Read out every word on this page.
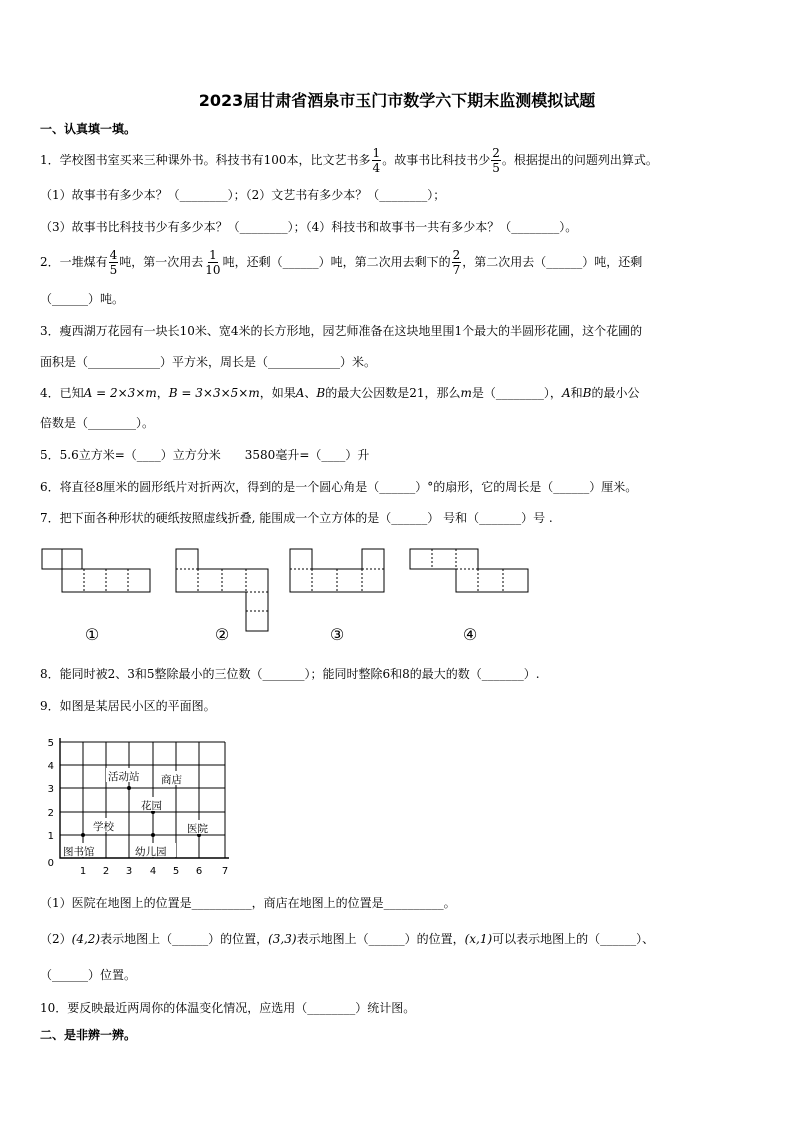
2023届甘肃省酒泉市玉门市数学六下期末监测模拟试题
一、认真填一填。
1．学校图书室买来三种课外书。科技书有100本，比文艺书多 $\frac{1}{4}$ 。故事书比科技书少 $\frac{2}{5}$ 。根据提出的问题列出算式。
（1）故事书有多少本？（________）；（2）文艺书有多少本？（________）；
（3）故事书比科技书少有多少本？（________）；（4）科技书和故事书一共有多少本？（________）。
2．一堆煤有 $\frac{4}{5}$ 吨，第一次用去 $\frac{1}{10}$ 吨，还剩（______）吨，第二次用去剩下的 $\frac{2}{7}$ ，第二次用去（______）吨，还剩
（______）吨。
3．瘦西湖万花园有一块长10米、宽4米的长方形地，园艺师准备在这块地里围1个最大的半圆形花圃，这个花圃的
面积是（____________）平方米，周长是（____________）米。
4．已知A = 2×3×m，B = 3×3×5×m，如果A、B的最大公因数是21，那么m是（________），A和B的最小公
倍数是（________）。
5．5.6立方米=（____）立方分米　　3580毫升=（____）升
6．将直径8厘米的圆形纸片对折两次，得到的是一个圆心角是（______）°的扇形，它的周长是（______）厘米。
7．把下面各种形状的硬纸按照虚线折叠, 能围成一个立方体的是（______） 号和（_______）号 .
①	②	③	④
8．能同时被2、3和5整除最小的三位数（_______）；能同时整除6和8的最大的数（_______）.
9．如图是某居民小区的平面图。
5
4
3
2
1
0
1 2 3 4 5 6 7
活动站 商店
花园
学校	医院
图书馆	幼儿园
（1）医院在地图上的位置是__________，商店在地图上的位置是__________。
（2）(4,2)表示地图上（______）的位置，(3,3)表示地图上（______）的位置，(x,1)可以表示地图上的（______）、
（______）位置。
10．要反映最近两周你的体温变化情况，应选用（________）统计图。
二、是非辨一辨。
